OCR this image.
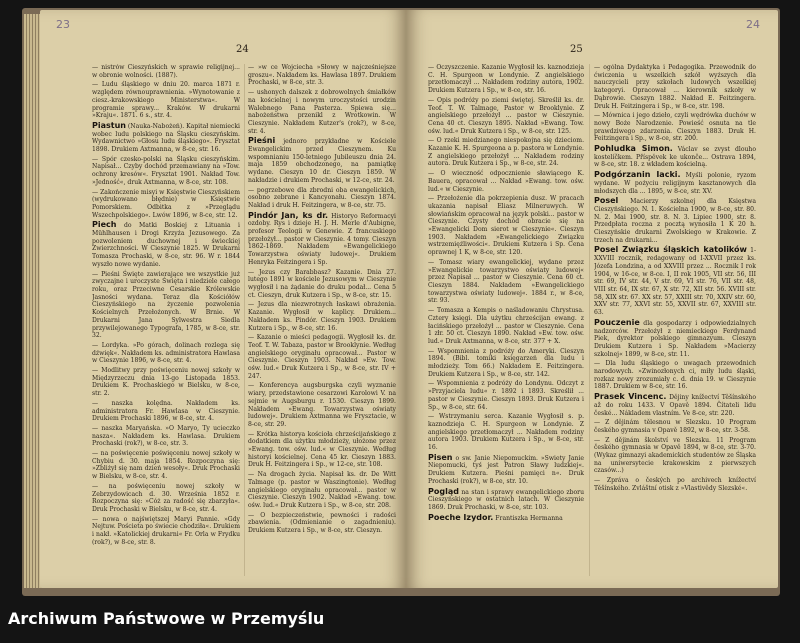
23
24

— nistrów Cieszyńskich w sprawie religijnej... w obronie wolności. (1887).

— Ludu śląskiego w dniu 20. marca 1871 r. względem równouprawnienia. »Wynotowanie z ciesz.-krakowskiego Ministerstwa«. W programie sprawy... Kraków. W drukarni »Kraju«. 1871. 6 s., str. 4.

Piastun (Nauka-Nabożeń). Kapitał niemiecki wobec ludu polskiego na Śląsku cieszyńskim. Wydawnictwo »Głosu ludu śląskiego«. Frysztat 1898. Drukiem Axtmanna, w 8-ce, str. 16.

— Spór czesko-polski na Śląsku cieszyńskim. Napisał... Czyby dochód przemawiany na »Tow. ochrony kresów«. Frysztat 1901. Nakład Tow. »Jedność«, druk Axtmanna, w 8-ce, str. 108.

— Zakończenie misyi w Księstwie Cieszyńskiem (wydrukowano błędnie) w Księstwie Pomorskiem. Odbitka z »Przeglądu Wszechpolskiego«. Lwów 1896, w 8-ce, str. 12.

Piech do Matki Boskiej z Lituania i Mühlhausen i Drogi Krzyża Jezusowego. Za pozwoleniem duchownej i świeckiej Zwierzchności. W Cieszynie 1825. W Drukarni Tomasza Prochaski, w 8-ce, str. 96. W r. 1844 wyszło nowe wydanie.

— Pieśni Święte zawierające we wszystkie już zwyczajne i uroczyste Święta i niedziele całego roku, oraz Przeciwne Cesarskie Królewskie Jasności wydana. Teraz dla Kościółów Cieszyńskiego na życzenie pozwolenia Kościelnych Przełożonych. W Brnie. W Drukarni Jana Sylwestra Siedla przywilejowanego Typografa, 1785, w 8-ce, str. 32.

— Lordyka. »Po górach, dolinach rozlega się dźwięk«. Nakładem ks. administratora Hawlasa w Cieszynie 1896, w 8-ce, str. 4.

— Modlitwy przy poświęceniu nowej szkoły w Międzyrzeczu dnia 13-go Listopada 1853. Drukiem K. Prochaskiego w Bielsku, w 8-ce, str. 2.

— naszka kolędna. Nakładem ks. administratora Fr. Hawlasa w Cieszynie. Drukiem Prochaski 1896, w 8-ce, str. 4.

— naszka Maryańska. »O Maryo, Ty ucieczko nasza«. Nakładem ks. Hawlasa. Drukiem Prochaski (rok?), w 8-ce, str. 3.

— na poświęcenie poświęceniu nowej szkoły w Chybiu d. 30. maja 1854. Rozpoczyna się: »Zbliżył się nam dzień wesoły«. Druk Prochaski w Bielsku, w 8-ce, str. 4.

— na poświęceniu nowej szkoły w Zebrzydowicach d. 30. Września 1852 r. Rozpoczyna się: »Cóż za radość się zbarzyła«. Druk Prochaski w Bielsku, w 8-ce, str. 4.

— nowa o najświętszej Maryi Pannie. »Gdy Nejtuw. Pościeta po świecie chodziła«. Drukiem i nakł. »Katolickiej drukarni« Fr. Orla w Frydku (rok?), w 8-ce, str. 8.

— »w ce Wojciecha »Słowy w najcześniejsze groszu«. Nakładem ks. Hawlasa 1897. Drukiem Prochaski, w 8-ce, str. 3.

— ushonych dalszek z dobrowolnych śmiałków na kościelnej i nowym uroczystości urodzin Walebnego Pana Pasterza. Spiewa się... nabożeństwa przenikl z Wrotkowin. W Cieszynie. Nakładem Kutzer's (rok?), w 8-ce, str. 4.

Pieśni jednoro przykładne w Kościele Ewangelickim przed Cieszynem. Ku wspomnianiu 150-letniego Jubileuszu dnia 24. maja 1859 obchodzonego, na pamiątkę wydane. Cieszyn 10 dr. Cieszyn 1859. W nakładzie i drukiem Prochaski, w 12-ce, str. 24.

— pogrzebowe dla zbrodni oba ewangelickich, osobno zebrane i Kancyonału. Cieszyn 1874. Nakład i druk H. Feitzingera, w 8-ce, str. 75.

Pindór Jan, ks dr. Historyo Reformacyi ozdoby. Rys i dzieje H. J. H. Merle d'Aubigne, profesor Teologii w Genewie. Z francuskiego przełożył... pastor w Cieszynie. 4 tomy. Cieszyn 1862-1869. Nakładem »Ewangelickiego Towarzystwa oświaty ludowej«. Drukiem Henryka Feitzingera i Sp.

— Jezus czy Barabbasz? Kazanie. Dnia 27. lutego 1891 w kościele Jezusowym w Cieszynie wygłosił i na żądanie do druku podał... Cena 5 ct. Cieszyn, druk Kutzera i Sp., w 8-ce, str. 15.

— Jezus dla niezwrotnych łaskawi obrażenia. Kazanie. Wygłosił w kaplicy. Drukiem... Nakładem ks. Pindór. Cieszyn 1903. Drukiem Kutzera i Sp., w 8-ce, str. 16.

— Kazanie o mieści pedagogii. Wygłosił ks. dr. Teof. T. W. Tabaza, pastor w Brooklynie. Według angielskiego oryginału opracował... Pastor w Cieszynie. Cieszyn 1903. Nakład »Ew. Tow. ośw. lud.« Druk Kutzera i Sp., w 8-ce, str. IV + 247.

— Konferencya augsburgska czyli wyznanie wiary, przedstawione cesarzowi Karolowi V. na sejmie w Augsburgu r. 1530. Cieszyn 1899. Nakładem »Ewang. Towarzystwa oświaty ludowej«. Drukiem Axtmanna we Frysztacie, w 8-ce, str. 29.

— Krótka historya kościoła chrześcijańskiego z dodatkiem dla użytku młodzieży, ułożone przez »Ewang. tow. ośw. lud.« w Cieszynie. Według historyi kościelnej. Cena 45 kr. Cieszyn 1883. Druk H. Feitzingera i Sp., w 12-ce, str. 108.

— Na drogach życia. Napisał ks. dr. De Witt Talmage (p. pastor w Waszingtonie). Według angielskiego oryginału opracował... pastor w Cieszynie. Cieszyn 1902. Nakład »Ewang. tow. ośw. lud.« Druk Kutzera i Sp., w 8-ce, str. 208.

— O bezpieczeństwie, pewności i radości zbawienia. (Odmienianie o zagadnieniu). Drukiem Kutzera i Sp., w 8-ce, str. Cieszyn.

24
25

— Oczyszczenie. Kazanie Wygłosił ks. kaznodzieja C. H. Spurgeon w Londynie. Z angielskiego przetłomaczył ... Nakładem rodziny autora, 1902. Drukiem Kutzera i Sp., w 8-ce, str. 16.

— Opis podróży po ziemi świętej. Skreślił ks. dr. Teof. T. W. Talmage, Pastor w Brooklynie. Z angielskiego przełożył ... pastor w Cieszynie. Cena 40 ct. Cieszyn 1895. Nakład »Ewang. Tow. ośw. lud.« Druk Kutzera i Sp., w 8-ce, str. 125.

— O rzeki miedzianego niespokojna się dzieciom. Kazanie K. H. Spurgeona a p. pastora w Londynie. Z angielskiego przełożył ... Nakładem rodziny autora. Druk Kutzera i Sp., w 8-ce, str. 24.

— O wieczność odpocznienie sławiącego K. Bauera, opracował ... Nakład »Ewang. tow. ośw. lud.« w Cieszynie.

— Przełożenie dla pokrzepienia dusz. W pracach ukazania napisał Eliasz Milneruwych. W słowiańskim opracował na język polski... pastor w Cieszynie. Czysty dochód obracie się na »Ewangelicki Dom sierot w Cieszynie«. Cieszyn 1903. Nakładem »Ewangelickiego Związku wstrzemięźliwości«. Drukiem Kutzera i Sp. Cena oprawnej 1 K, w 8-ce, str. 120.

— Tomasz wiary ewangelickiej, wydane przez »Ewangelickie towarzystwo oświaty ludowej« przez Napisał ... pastor w Cieszynie. Cena 60 ct. Cieszyn 1884. Nakładem »Ewangelickiego towarzystwa oświaty ludowej«. 1884 r., w 8-ce, str. 93.

— Tomasza a Kempis o naśladowaniu Chrystusa. Cztery księgi. Dla użytku chrześcijan ewang. z łacińskiego przełożył ... pastor w Cieszynie. Cena 1 złr. 50 ct. Cieszyn 1890. Nakład »Ew. tow. ośw. lud.« Druk Axtmanna, w 8-ce, str. 377 + X.

— Wspomnienia z podróży do Ameryki. Cieszyn 1894. (Bibl. tomiki księgarzeń dla ludu i młodzieży. Tom 66.) Nakładem E. Feitzingera. Drukiem Kutzera i Sp., w 8-ce, str. 142.

— Wspomnienia z podróży do Londynu. Odczyt z »Przyjaciela ludu« r. 1892 i 1893. Skreślił ... pastor w Cieszynie. Cieszyn 1893. Druk Kutzera i Sp., w 8-ce, str. 64.

— Wstrzymaniu serca. Kazanie Wygłosił s. p. kaznodzieja C. H. Spurgeon w Londynie. Z angielskiego przetłomaczył ... Nakładem rodziny autora 1903. Drukiem Kutzera i Sp., w 8-ce, str. 16.

Pisen o sw. Janie Niepomuckim. »Swiety Janie Niepomucki, tyś jest Patron Sławy ludzkiej«. Drukiem Kutzera. Pieśni pamięci n«. Druk Prochaski (rok?), w 8-ce, str. 10.

Pogląd na stan i sprawy ewangelickiego zboru Cieszyńskiego w ostatnich latach. W Cieszynie 1869. Druk Prochaski, w 8-ce, str. 103.

Poeche Izydor. Frantiszka Hermanna

— ogólna Dydaktyka i Pedagogika. Przewodnik do ćwiczenia u wszelkich szkół wyższych dla nauczycieli przy szkołach ludowych wszelkiej kategoryi. Opracował ... kierownik szkoły w Dąbrowie. Cieszyn 1882. Nakład E. Feitzingera. Druk H. Feitzingera i Sp., w 8-ce, str. 198.

— Mównica i jego dzieło, czyli wędrówka duchów w nowy Boże Narodzenie. Powieść osnuta na tle prawdziwego zdarzenia. Cieszyn 1883. Druk H. Feitzingera i Sp., w 8-ce, str. 200.

Pohludka Simon. Václav se zvyst dlouho kostelíčkem. Příspěvek ke ukonče... Ostrava 1894, w 8-ce, str. 18. z wkładem kościelną.

Podgórzanin Iacki. Myśli polonie, ryzom wydane. W pożyciu religijnym kasztanowych dla młodszych dla ... 1895, w 8-ce, str. XV.

Posel Macierzy szkolnej dla Księstwa Cieszyńskiego. N. 1. Kościelna 1900, w 8-ce, str. 80. N. 2. Mai 1900, str. 8. N. 3. Lipiec 1900, str. 8. Przedpłata roczna z pocztą wynosiła 1 K 20 h. Cieszyńskie drukarni Zwolskiego w Krakowie. Z trzech na drukarni...

Posel Związku śląskich katolików 1-XXVIII rocznik, redagowany od I-XXVII przez ks. Józefa Londzina, a od XXVIII przez ... Rocznik I rok 1904, w 16-ce, w 8-ce. I, II rok 1905, VII str. 56, III str. 69, IV str. 44, V str. 69, VI str. 76, VII str. 48, VIII str. 64, IX str. 67, X str. 72, XII str. 56. XVIII str. 58, XIX str. 67. XX str. 57, XXIII str. 70, XXIV str. 60, XXV str. 77, XXVI str. 55, XXVII str. 67, XXVIII str. 63.

Pouczenie dla gospodarzy i odpowiedzialnych nadzorców. Przełożył z niemieckiego Ferdynand Piek, dyrektor polskiego gimnazyum. Cieszyn Drukiem Kutzera i Sp. Nakładem »Macierzy szkolnej« 1899, w 8-ce, str. 11.

— Dla ludu śląskiego o uwagach przewodnich narodowych. »Zwinozłonych ci, miły ludu śląski, rozkaz nowy zrozumiały c. d. dnia 19. w Cieszynie 1887. Drukiem w 8-ce, str. 16.

Prasek Vincenc. Dějiny knížectví Těšínského až do roku 1433. V Opavě 1894. Čítateli lidu české... Nákladem vlastním. Ve 8-ce, str. 220.

— Z dějinám tělesnou w Slezsku. 10 Program českého gymnasia v Opavě 1892, w 8-ce, str. 3-58.

— Z dějinám školství ve Slezsku. 11 Program českého gymnasia w Opavě 1894, w 8-ce, str. 3-70. (Wykaz gimnazyi akademickich studentów ze Śląska na uniwersytecie krakowskim z pierwszych czasów...)

— Zpráva o českých po archivech knížectví Těšínského. Zvláštní otisk z »Vlastivědy Slezské«.

Archiwum Państwowe w Przemyślu
